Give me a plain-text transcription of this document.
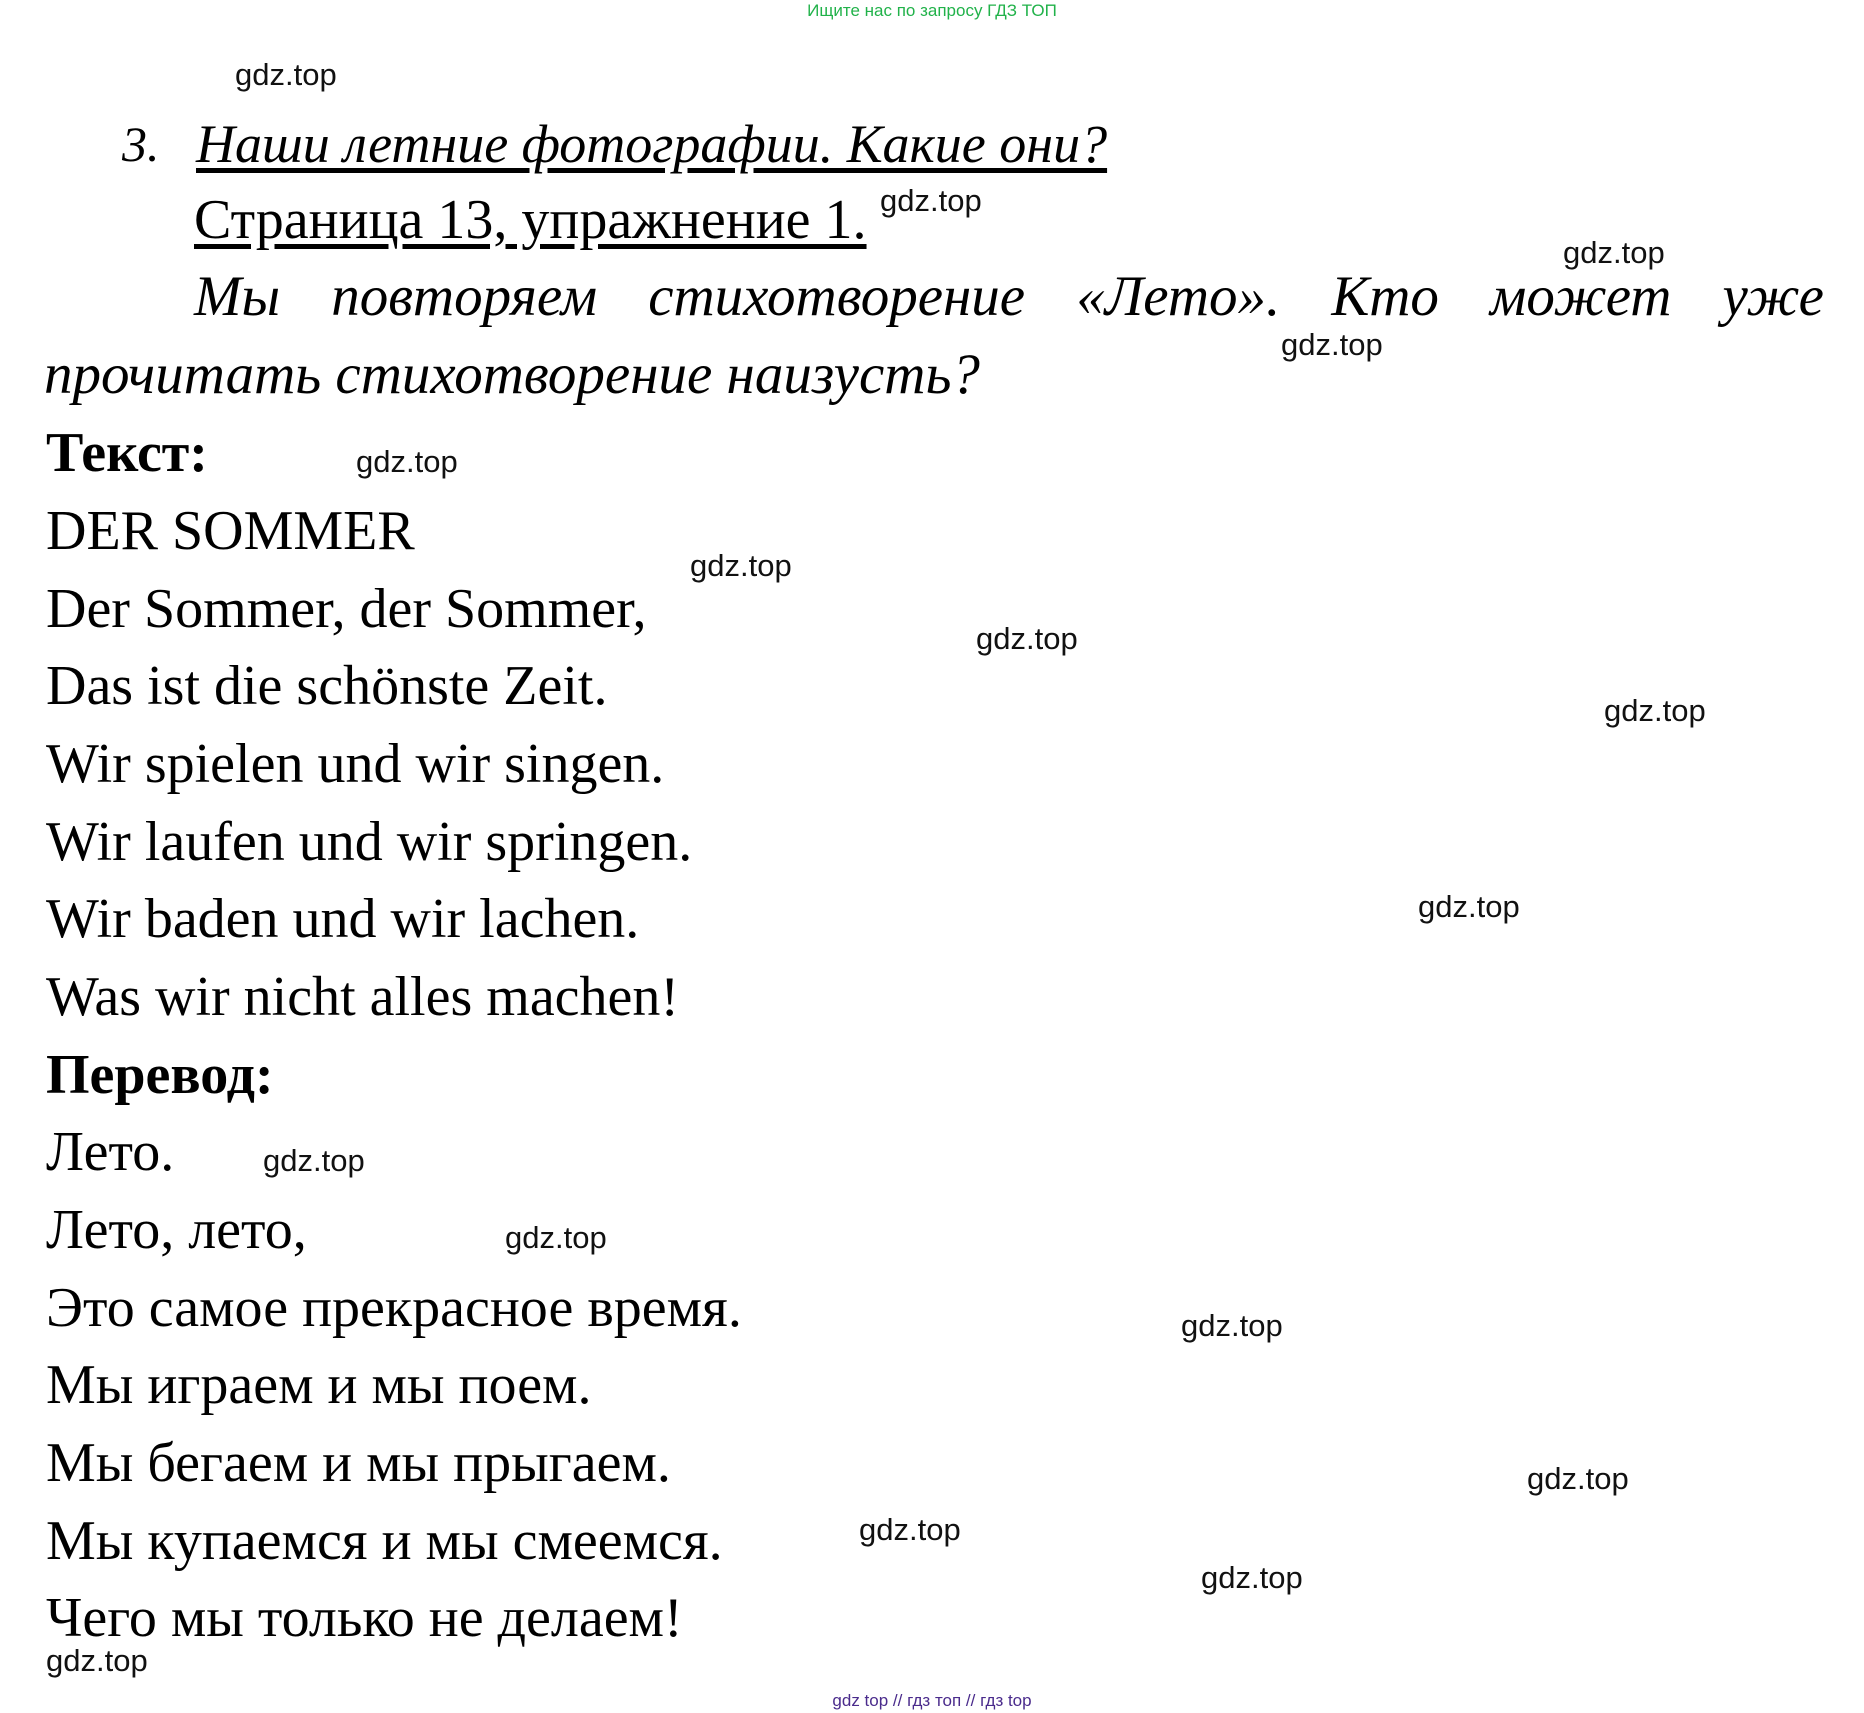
Ищите нас по запросу ГДЗ ТОП
3. Наши летние фотографии. Какие они?
Страница 13, упражнение 1.
Мы повторяем стихотворение «Лето». Кто может уже
прочитать стихотворение наизусть?
Текст:
DER SOMMER
Der Sommer, der Sommer,
Das ist die schönste Zeit.
Wir spielen und wir singen.
Wir laufen und wir springen.
Wir baden und wir lachen.
Was wir nicht alles machen!
Перевод:
Лето.
Лето, лето,
Это самое прекрасное время.
Мы играем и мы поем.
Мы бегаем и мы прыгаем.
Мы купаемся и мы смеемся.
Чего мы только не делаем!
gdz.top
gdz.top
gdz.top
gdz.top
gdz.top
gdz.top
gdz.top
gdz.top
gdz.top
gdz.top
gdz.top
gdz.top
gdz.top
gdz.top
gdz.top
gdz.top
gdz top // гдз топ // гдз top
